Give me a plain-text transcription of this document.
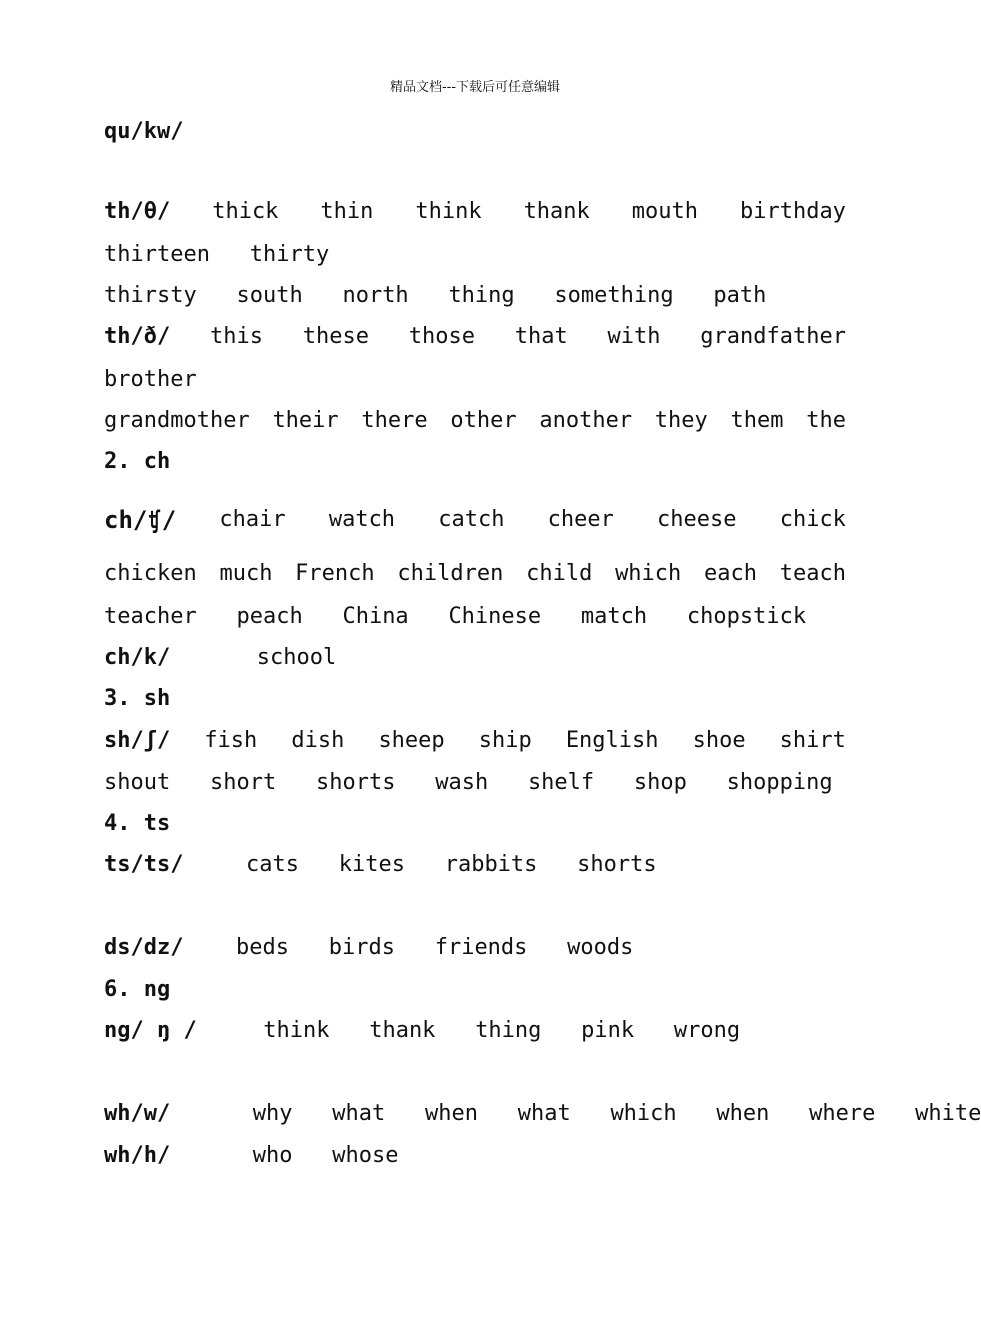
精品文档---下载后可任意编辑
qu/kw/
th/θ/ thick thin think thank mouth birthday
thirteen thirty
thirsty south north thing something path
th/ð/ this these those that with grandfather
brother
grandmother their there other another they them the
2. ch
ch/ʧ/ chair watch catch cheer cheese chick
chicken much French children child which each teach
teacher peach China Chinese match chopstick
ch/k/	school
3. sh
sh/ʃ/ fish dish sheep ship English shoe shirt
shout short shorts wash shelf shop shopping
4. ts
ts/ts/	cats kites rabbits shorts
ds/dz/ beds birds friends woods
6. ng
ng/ ŋ /	think thank thing pink wrong
wh/w/	why what when what which when where white
wh/h/	who whose
